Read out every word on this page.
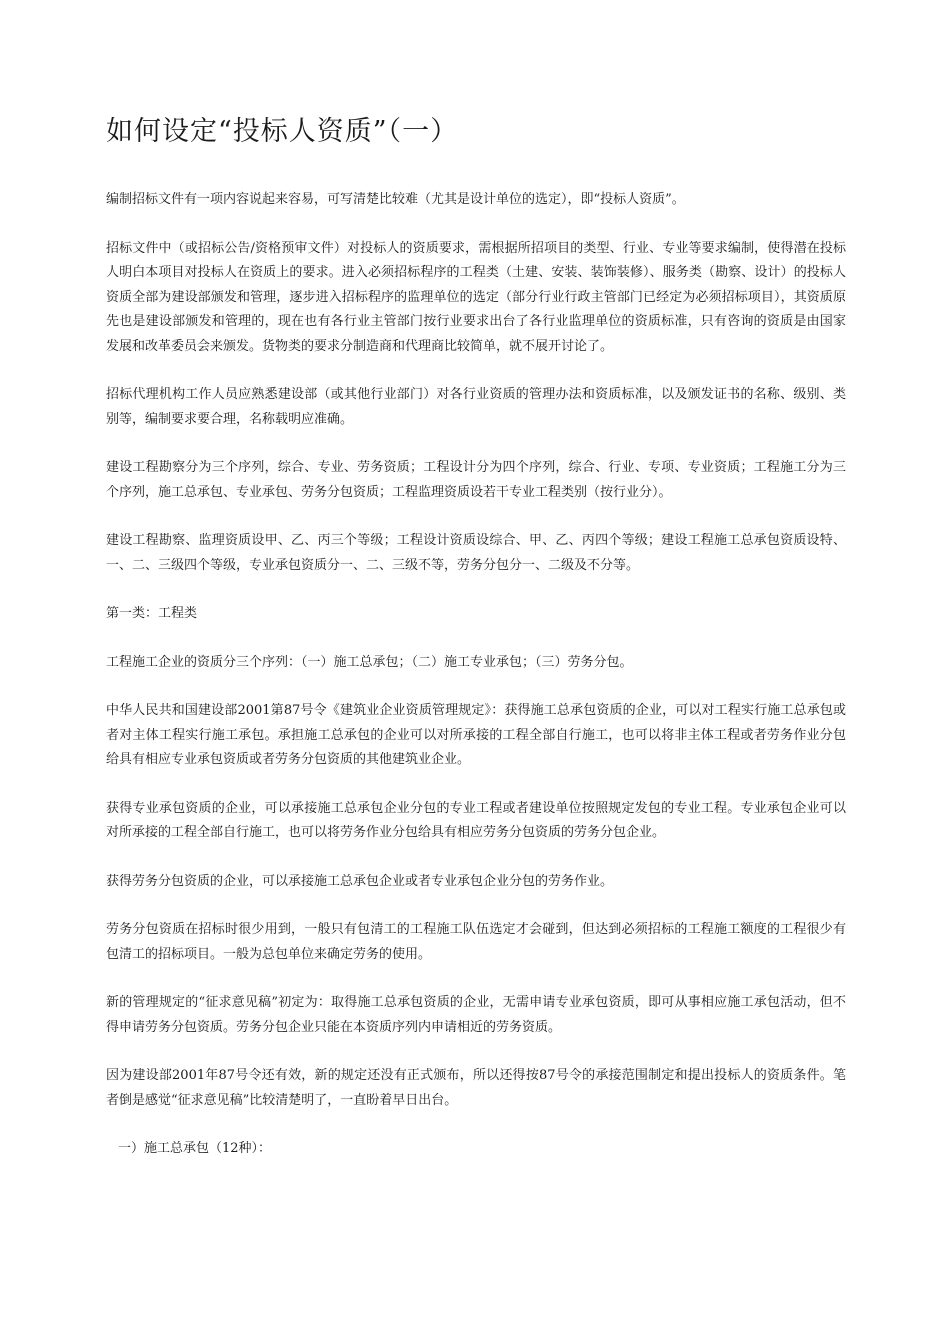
如何设定“投标人资质”（一）

编制招标文件有一项内容说起来容易，可写清楚比较难（尤其是设计单位的选定），即“投标人资质”。

招标文件中（或招标公告/资格预审文件）对投标人的资质要求，需根据所招项目的类型、行业、专业等要求编制，使得潜在投标人明白本项目对投标人在资质上的要求。进入必须招标程序的工程类（土建、安装、装饰装修）、服务类（勘察、设计）的投标人资质全部为建设部颁发和管理，逐步进入招标程序的监理单位的选定（部分行业行政主管部门已经定为必须招标项目），其资质原先也是建设部颁发和管理的，现在也有各行业主管部门按行业要求出台了各行业监理单位的资质标准，只有咨询的资质是由国家发展和改革委员会来颁发。货物类的要求分制造商和代理商比较简单，就不展开讨论了。

招标代理机构工作人员应熟悉建设部（或其他行业部门）对各行业资质的管理办法和资质标准，以及颁发证书的名称、级别、类别等，编制要求要合理，名称载明应准确。

建设工程勘察分为三个序列，综合、专业、劳务资质；工程设计分为四个序列，综合、行业、专项、专业资质；工程施工分为三个序列，施工总承包、专业承包、劳务分包资质；工程监理资质设若干专业工程类别（按行业分）。

建设工程勘察、监理资质设甲、乙、丙三个等级；工程设计资质设综合、甲、乙、丙四个等级；建设工程施工总承包资质设特、一、二、三级四个等级，专业承包资质分一、二、三级不等，劳务分包分一、二级及不分等。

第一类：工程类

工程施工企业的资质分三个序列：（一）施工总承包；（二）施工专业承包；（三）劳务分包。

中华人民共和国建设部2001第87号令《建筑业企业资质管理规定》：获得施工总承包资质的企业，可以对工程实行施工总承包或者对主体工程实行施工承包。承担施工总承包的企业可以对所承接的工程全部自行施工，也可以将非主体工程或者劳务作业分包给具有相应专业承包资质或者劳务分包资质的其他建筑业企业。

获得专业承包资质的企业，可以承接施工总承包企业分包的专业工程或者建设单位按照规定发包的专业工程。专业承包企业可以对所承接的工程全部自行施工，也可以将劳务作业分包给具有相应劳务分包资质的劳务分包企业。

获得劳务分包资质的企业，可以承接施工总承包企业或者专业承包企业分包的劳务作业。

劳务分包资质在招标时很少用到，一般只有包清工的工程施工队伍选定才会碰到，但达到必须招标的工程施工额度的工程很少有包清工的招标项目。一般为总包单位来确定劳务的使用。

新的管理规定的“征求意见稿”初定为：取得施工总承包资质的企业，无需申请专业承包资质，即可从事相应施工承包活动，但不得申请劳务分包资质。劳务分包企业只能在本资质序列内申请相近的劳务资质。

因为建设部2001年87号令还有效，新的规定还没有正式颁布，所以还得按87号令的承接范围制定和提出投标人的资质条件。笔者倒是感觉“征求意见稿”比较清楚明了，一直盼着早日出台。

一）施工总承包（12种）：
